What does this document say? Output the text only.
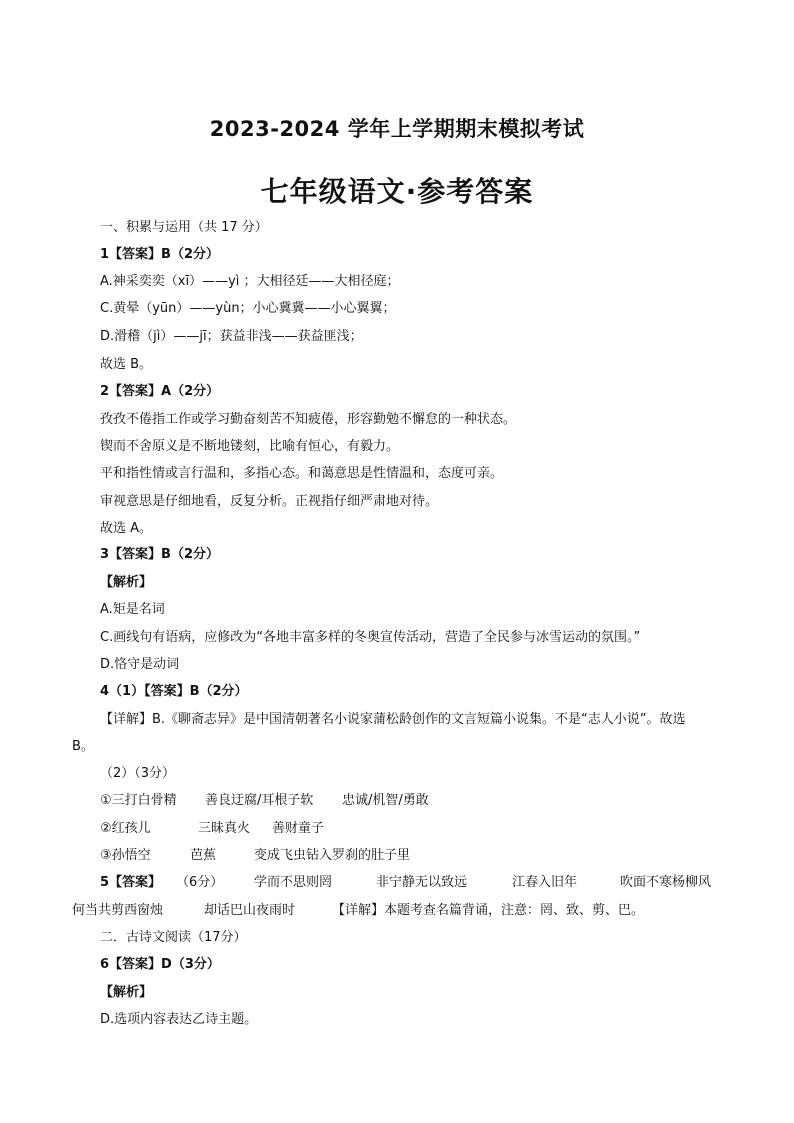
2023-2024 学年上学期期末模拟考试
七年级语文·参考答案
一、积累与运用（共 17 分）
1【答案】B（2分）
A.神采奕奕（xī）——yì ；大相径廷——大相径庭；
C.黄晕（yūn）——yùn；小心冀冀——小心翼翼；
D.滑稽（jì）——jī；获益非浅——获益匪浅；
故选 B。
2【答案】A（2分）
孜孜不倦指工作或学习勤奋刻苦不知疲倦，形容勤勉不懈怠的一种状态。
锲而不舍原义是不断地镂刻，比喻有恒心，有毅力。
平和指性情或言行温和，多指心态。和蔼意思是性情温和，态度可亲。
审视意思是仔细地看，反复分析。正视指仔细严肃地对待。
故选 A。
3【答案】B（2分）
【解析】
A.矩是名词
C.画线句有语病，应修改为“各地丰富多样的冬奥宣传活动，营造了全民参与冰雪运动的氛围。”
D.恪守是动词
4（1）【答案】B（2分）
【详解】B.《聊斋志异》是中国清朝著名小说家蒲松龄创作的文言短篇小说集。不是“志人小说”。故选
B。
（2）（3分）
①三打白骨精 善良迂腐/耳根子软 忠诚/机智/勇敢
②红孩儿	三昧真火 善财童子
③孙悟空	芭蕉	变成飞虫钻入罗刹的肚子里
5【答案】 （6分） 学而不思则罔	非宁静无以致远	江春入旧年	吹面不寒杨柳风
何当共剪西窗烛	却话巴山夜雨时	【详解】本题考查名篇背诵，注意：罔、致、剪、巴。
二．古诗文阅读（17分）
6【答案】D（3分）
【解析】
D.选项内容表达乙诗主题。
